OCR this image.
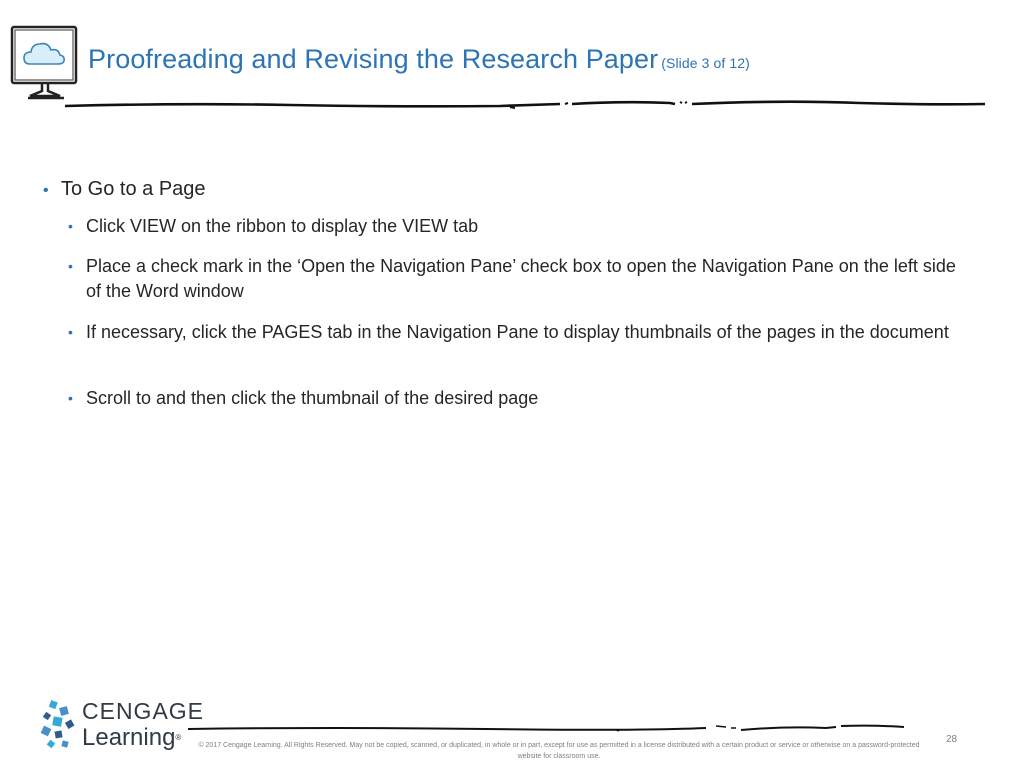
Proofreading and Revising the Research Paper (Slide 3 of 12)
• To Go to a Page
• Click VIEW on the ribbon to display the VIEW tab
• Place a check mark in the ‘Open the Navigation Pane’ check box to open the Navigation Pane on the left side of the Word window
• If necessary, click the PAGES tab in the Navigation Pane to display thumbnails of the pages in the document
• Scroll to and then click the thumbnail of the desired page
CENGAGE
Learning®

© 2017 Cengage Learning. All Rights Reserved. May not be copied, scanned, or duplicated, in whole or in part, except for use as permitted in a license distributed with a certain product or service or otherwise on a password-protected website for classroom use.

28
